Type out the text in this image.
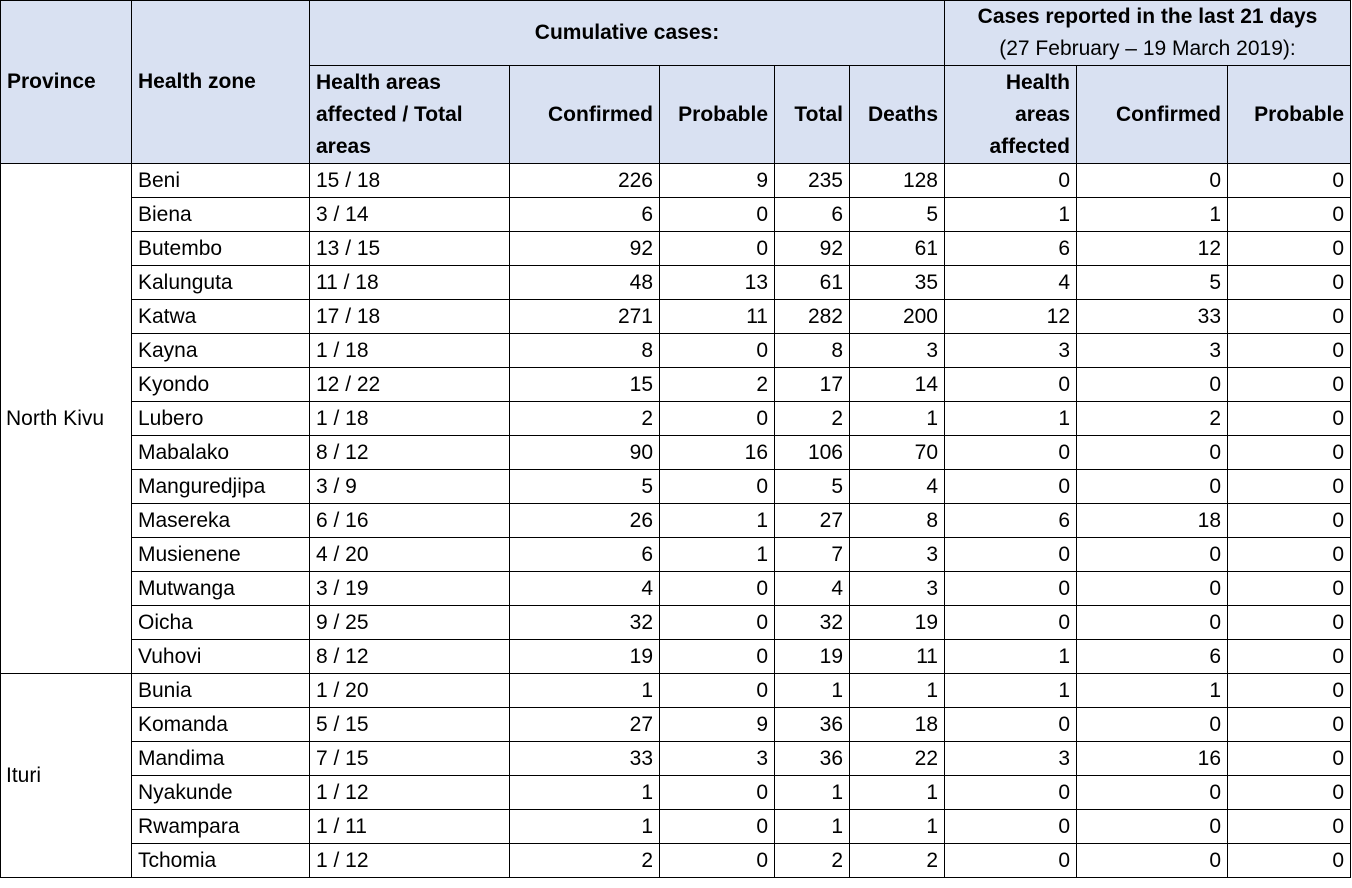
Province	Health zone	Cumulative cases:					Cases reported in the last 21 days
(27 February – 19 March 2019):		

		Health areas affected / Total areas	Confirmed	Probable	Total	Deaths	Health areas affected	Confirmed	Probable
North Kivu	Beni	15 / 18	226	9	235	128	0	0	0
	Biena	3 / 14	6	0	6	5	1	1	0
	Butembo	13 / 15	92	0	92	61	6	12	0
	Kalunguta	11 / 18	48	13	61	35	4	5	0
	Katwa	17 / 18	271	11	282	200	12	33	0
	Kayna	1 / 18	8	0	8	3	3	3	0
	Kyondo	12 / 22	15	2	17	14	0	0	0
	Lubero	1 / 18	2	0	2	1	1	2	0
	Mabalako	8 / 12	90	16	106	70	0	0	0
	Manguredjipa	3 / 9	5	0	5	4	0	0	0
	Masereka	6 / 16	26	1	27	8	6	18	0
	Musienene	4 / 20	6	1	7	3	0	0	0
	Mutwanga	3 / 19	4	0	4	3	0	0	0
	Oicha	9 / 25	32	0	32	19	0	0	0
	Vuhovi	8 / 12	19	0	19	11	1	6	0
Ituri	Bunia	1 / 20	1	0	1	1	1	1	0
	Komanda	5 / 15	27	9	36	18	0	0	0
	Mandima	7 / 15	33	3	36	22	3	16	0
	Nyakunde	1 / 12	1	0	1	1	0	0	0
	Rwampara	1 / 11	1	0	1	1	0	0	0
	Tchomia	1 / 12	2	0	2	2	0	0	0
